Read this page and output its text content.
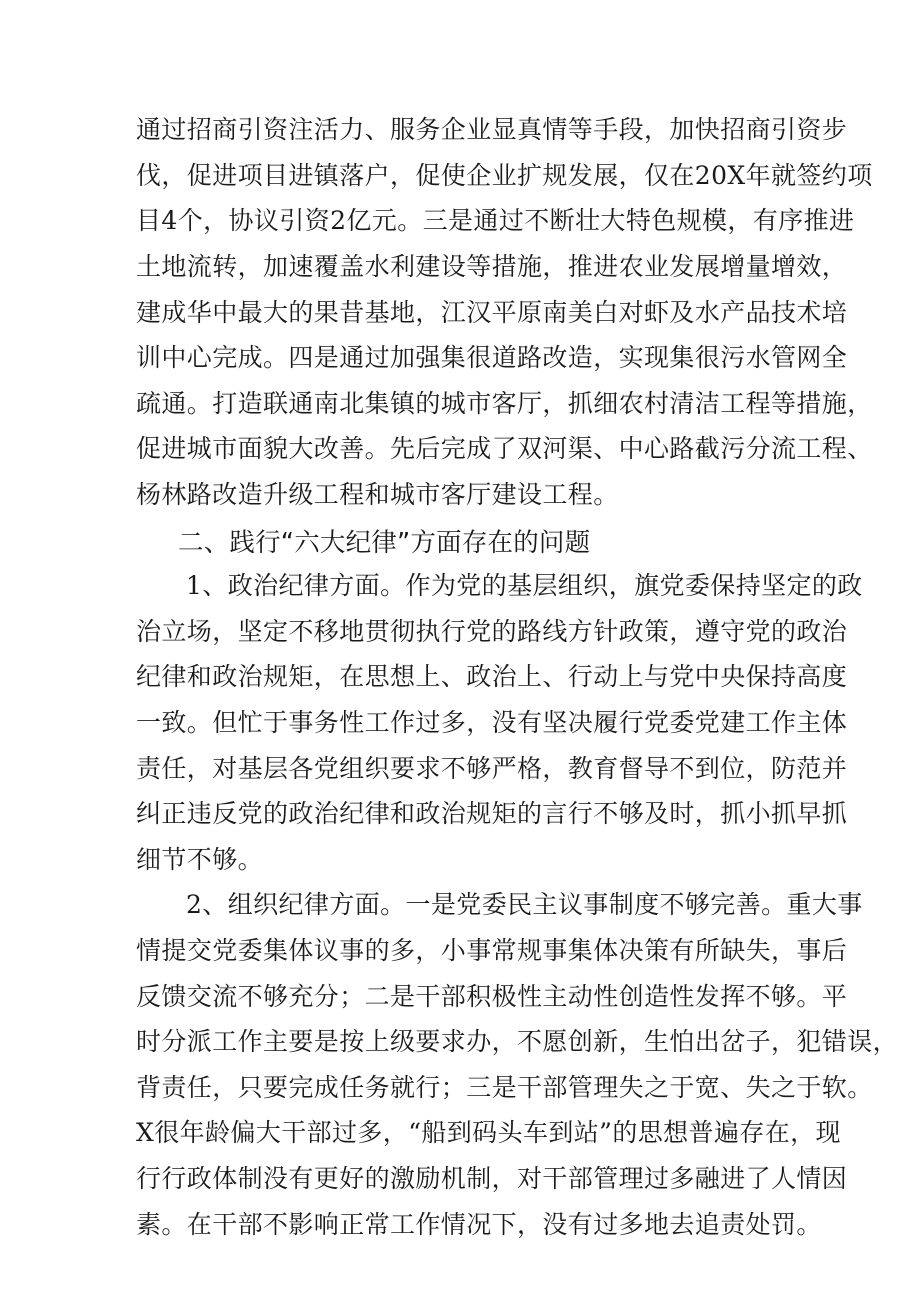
通过招商引资注活力、服务企业显真情等手段，加快招商引资步
伐，促进项目进镇落户，促使企业扩规发展，仅在20X年就签约项
目4个，协议引资2亿元。三是通过不断壮大特色规模，有序推进
土地流转，加速覆盖水利建设等措施，推进农业发展增量增效，
建成华中最大的果昔基地，江汉平原南美白对虾及水产品技术培
训中心完成。四是通过加强集很道路改造，实现集很污水管网全
疏通。打造联通南北集镇的城市客厅，抓细农村清洁工程等措施，
促进城市面貌大改善。先后完成了双河渠、中心路截污分流工程、
杨林路改造升级工程和城市客厅建设工程。
二、践行“六大纪律”方面存在的问题
1、政治纪律方面。作为党的基层组织，旗党委保持坚定的政
治立场，坚定不移地贯彻执行党的路线方针政策，遵守党的政治
纪律和政治规矩，在思想上、政治上、行动上与党中央保持高度
一致。但忙于事务性工作过多，没有坚决履行党委党建工作主体
责任，对基层各党组织要求不够严格，教育督导不到位，防范并
纠正违反党的政治纪律和政治规矩的言行不够及时，抓小抓早抓
细节不够。
2、组织纪律方面。一是党委民主议事制度不够完善。重大事
情提交党委集体议事的多，小事常规事集体决策有所缺失，事后
反馈交流不够充分；二是干部积极性主动性创造性发挥不够。平
时分派工作主要是按上级要求办，不愿创新，生怕出岔子，犯错误，
背责任，只要完成任务就行；三是干部管理失之于宽、失之于软。
X很年龄偏大干部过多，“船到码头车到站”的思想普遍存在，现
行行政体制没有更好的激励机制，对干部管理过多融进了人情因
素。在干部不影响正常工作情况下，没有过多地去追责处罚。
